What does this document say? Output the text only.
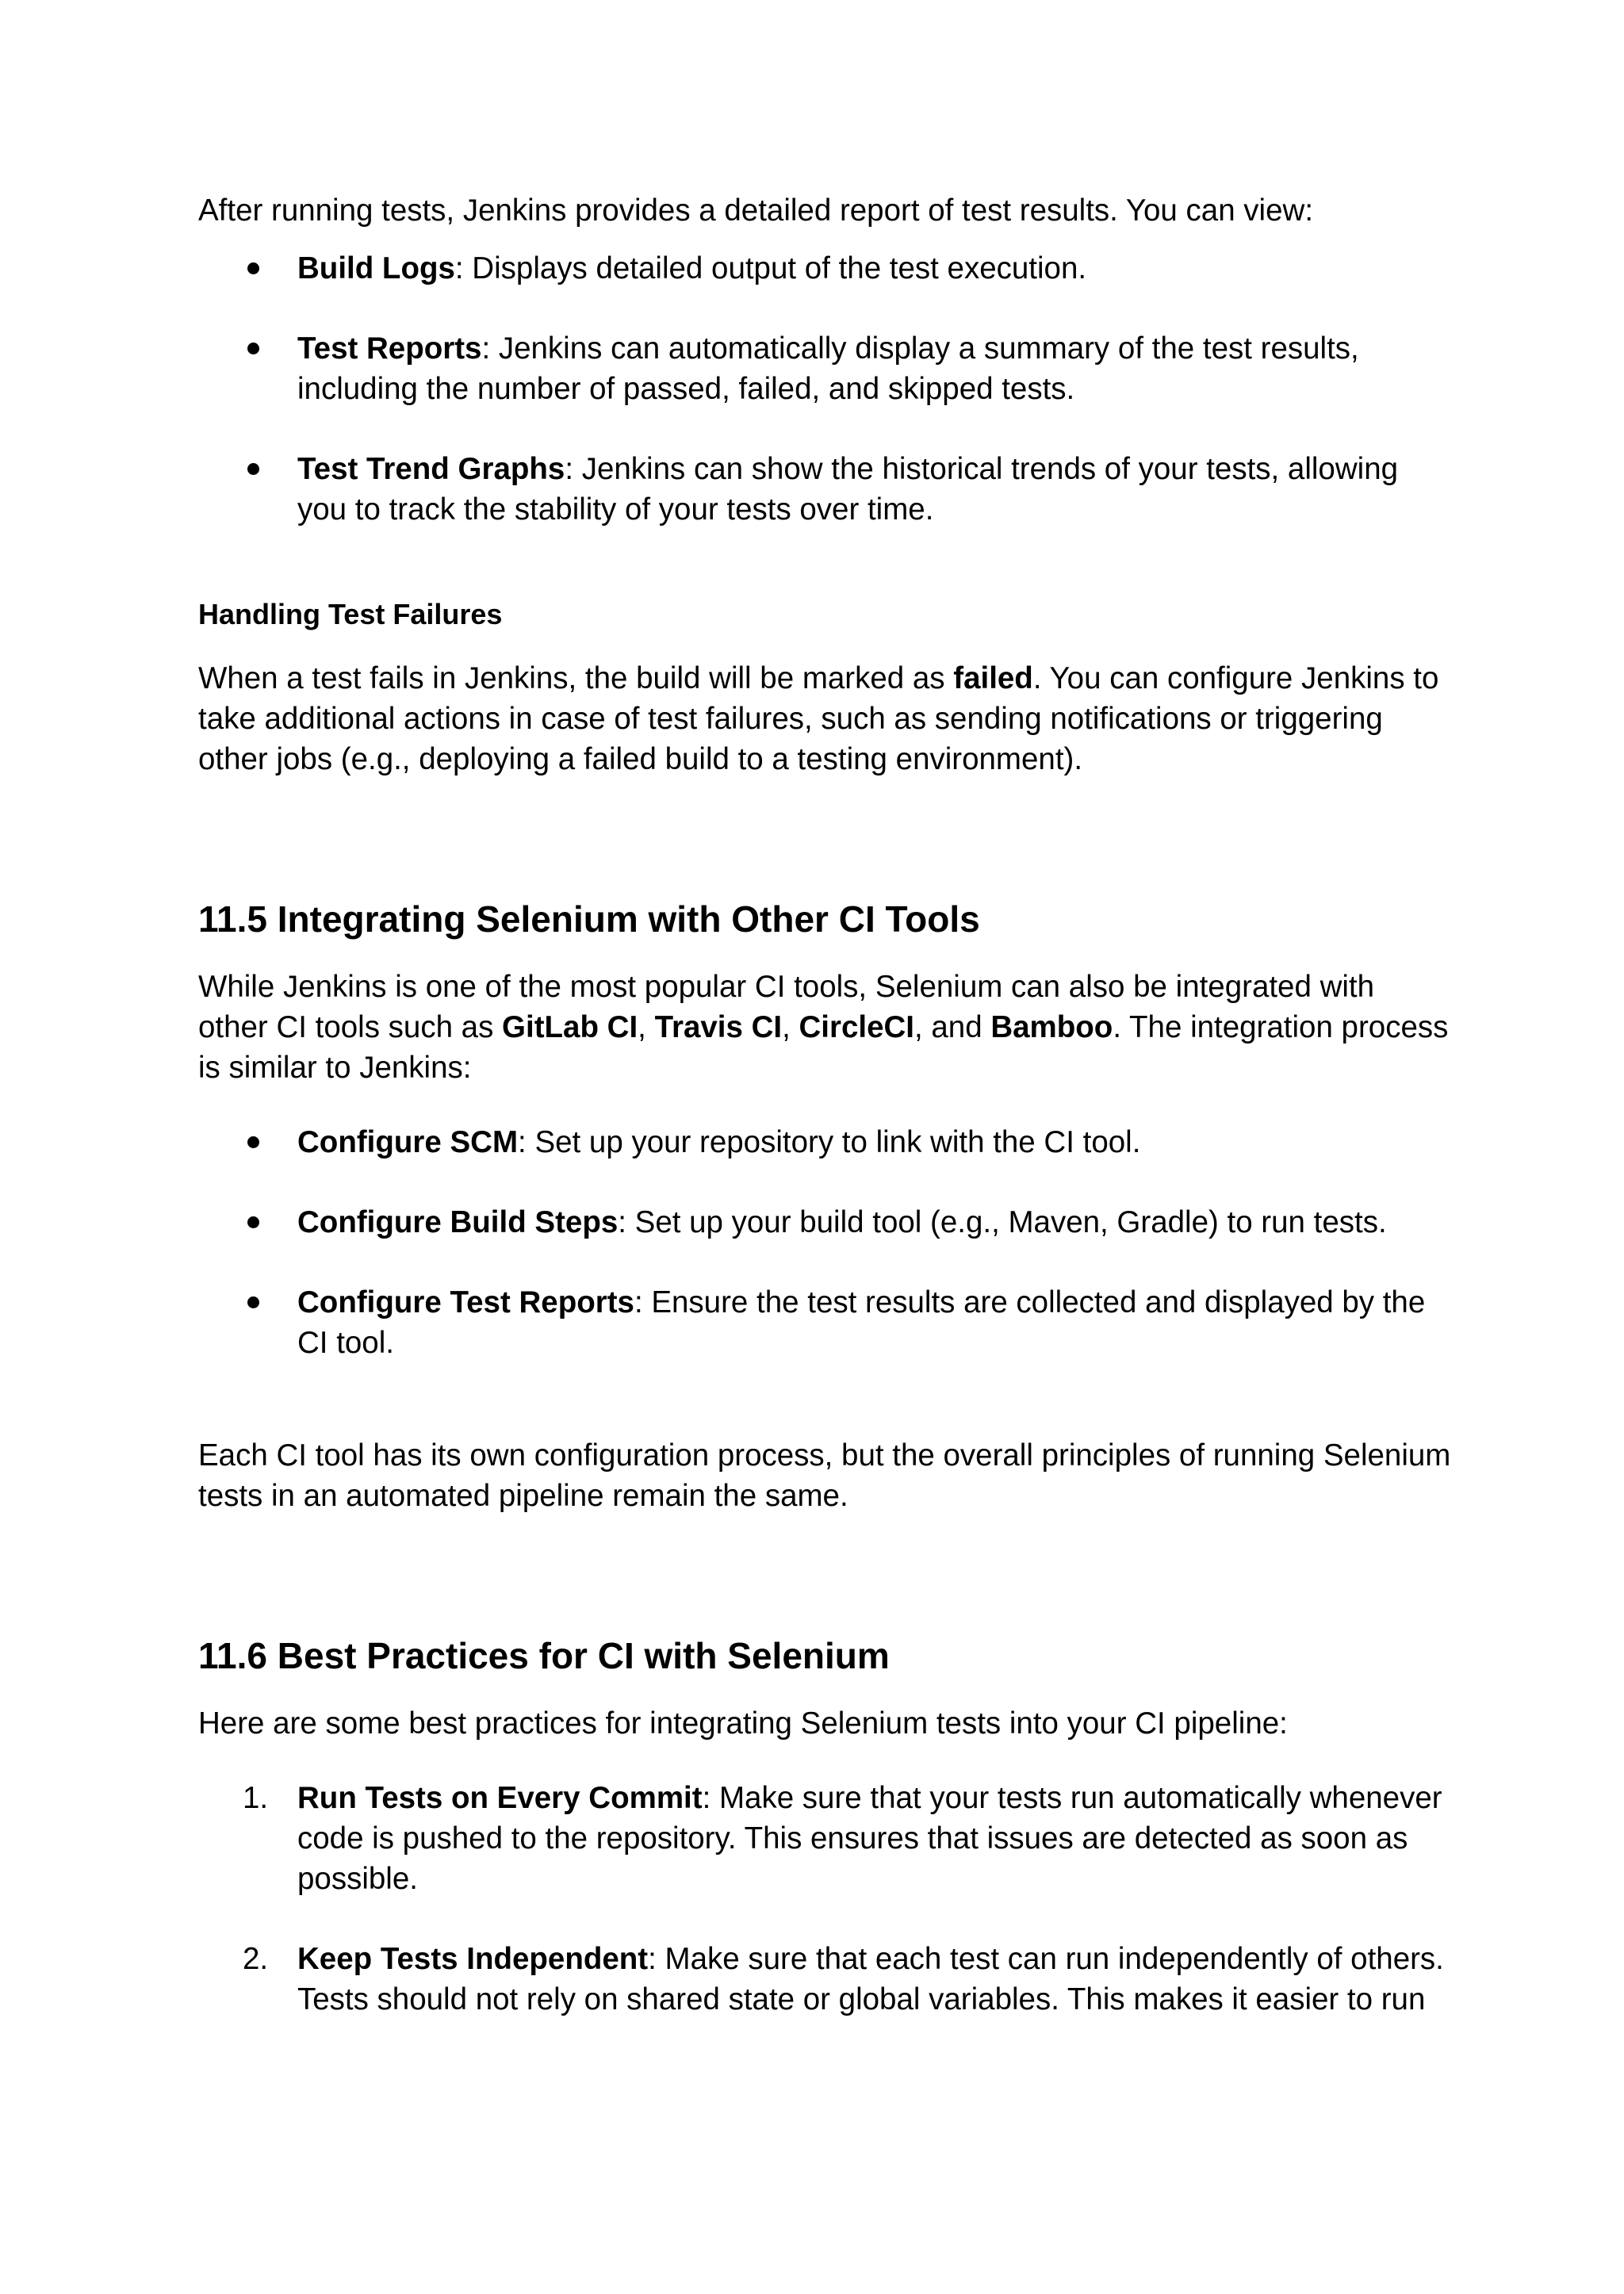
After running tests, Jenkins provides a detailed report of test results. You can view:

Build Logs: Displays detailed output of the test execution.
Test Reports: Jenkins can automatically display a summary of the test results, including the number of passed, failed, and skipped tests.
Test Trend Graphs: Jenkins can show the historical trends of your tests, allowing you to track the stability of your tests over time.
Handling Test Failures

When a test fails in Jenkins, the build will be marked as failed. You can configure Jenkins to take additional actions in case of test failures, such as sending notifications or triggering other jobs (e.g., deploying a failed build to a testing environment).

11.5 Integrating Selenium with Other CI Tools

While Jenkins is one of the most popular CI tools, Selenium can also be integrated with other CI tools such as GitLab CI, Travis CI, CircleCI, and Bamboo. The integration process is similar to Jenkins:

Configure SCM: Set up your repository to link with the CI tool.
Configure Build Steps: Set up your build tool (e.g., Maven, Gradle) to run tests.
Configure Test Reports: Ensure the test results are collected and displayed by the CI tool.

Each CI tool has its own configuration process, but the overall principles of running Selenium tests in an automated pipeline remain the same.

11.6 Best Practices for CI with Selenium

Here are some best practices for integrating Selenium tests into your CI pipeline:

1. Run Tests on Every Commit: Make sure that your tests run automatically whenever code is pushed to the repository. This ensures that issues are detected as soon as possible.
2. Keep Tests Independent: Make sure that each test can run independently of others. Tests should not rely on shared state or global variables. This makes it easier to run
